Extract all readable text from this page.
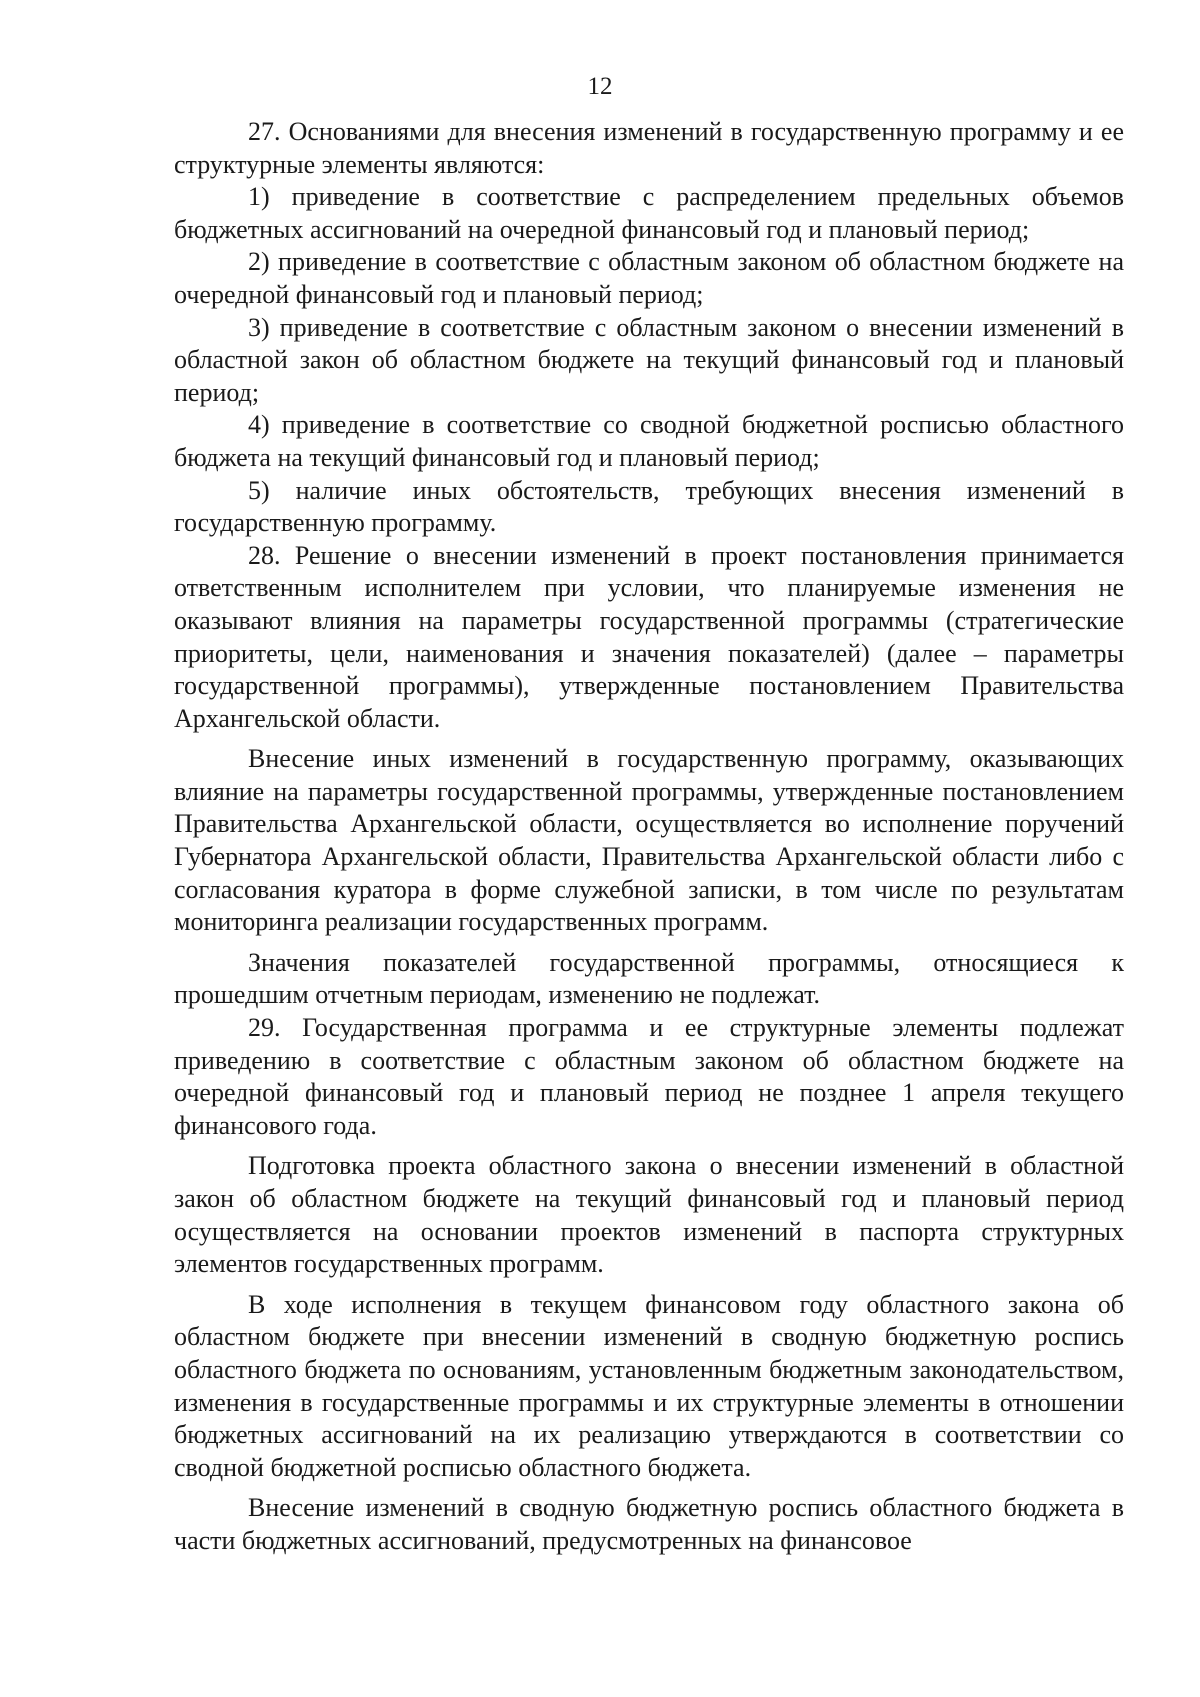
12

27. Основаниями для внесения изменений в государственную программу и ее структурные элементы являются:

1) приведение в соответствие с распределением предельных объемов бюджетных ассигнований на очередной финансовый год и плановый период;

2) приведение в соответствие с областным законом об областном бюджете на очередной финансовый год и плановый период;

3) приведение в соответствие с областным законом о внесении изменений в областной закон об областном бюджете на текущий финансовый год и плановый период;

4) приведение в соответствие со сводной бюджетной росписью областного бюджета на текущий финансовый год и плановый период;

5) наличие иных обстоятельств, требующих внесения изменений в государственную программу.

28. Решение о внесении изменений в проект постановления принимается ответственным исполнителем при условии, что планируемые изменения не оказывают влияния на параметры государственной программы (стратегические приоритеты, цели, наименования и значения показателей) (далее – параметры государственной программы), утвержденные постановлением Правительства Архангельской области.

Внесение иных изменений в государственную программу, оказывающих влияние на параметры государственной программы, утвержденные постановлением Правительства Архангельской области, осуществляется во исполнение поручений Губернатора Архангельской области, Правительства Архангельской области либо с согласования куратора в форме служебной записки, в том числе по результатам мониторинга реализации государственных программ.

Значения показателей государственной программы, относящиеся к прошедшим отчетным периодам, изменению не подлежат.

29. Государственная программа и ее структурные элементы подлежат приведению в соответствие с областным законом об областном бюджете на очередной финансовый год и плановый период не позднее 1 апреля текущего финансового года.

Подготовка проекта областного закона о внесении изменений в областной закон об областном бюджете на текущий финансовый год и плановый период осуществляется на основании проектов изменений в паспорта структурных элементов государственных программ.

В ходе исполнения в текущем финансовом году областного закона об областном бюджете при внесении изменений в сводную бюджетную роспись областного бюджета по основаниям, установленным бюджетным законодательством, изменения в государственные программы и их структурные элементы в отношении бюджетных ассигнований на их реализацию утверждаются в соответствии со сводной бюджетной росписью областного бюджета.

Внесение изменений в сводную бюджетную роспись областного бюджета в части бюджетных ассигнований, предусмотренных на финансовое
